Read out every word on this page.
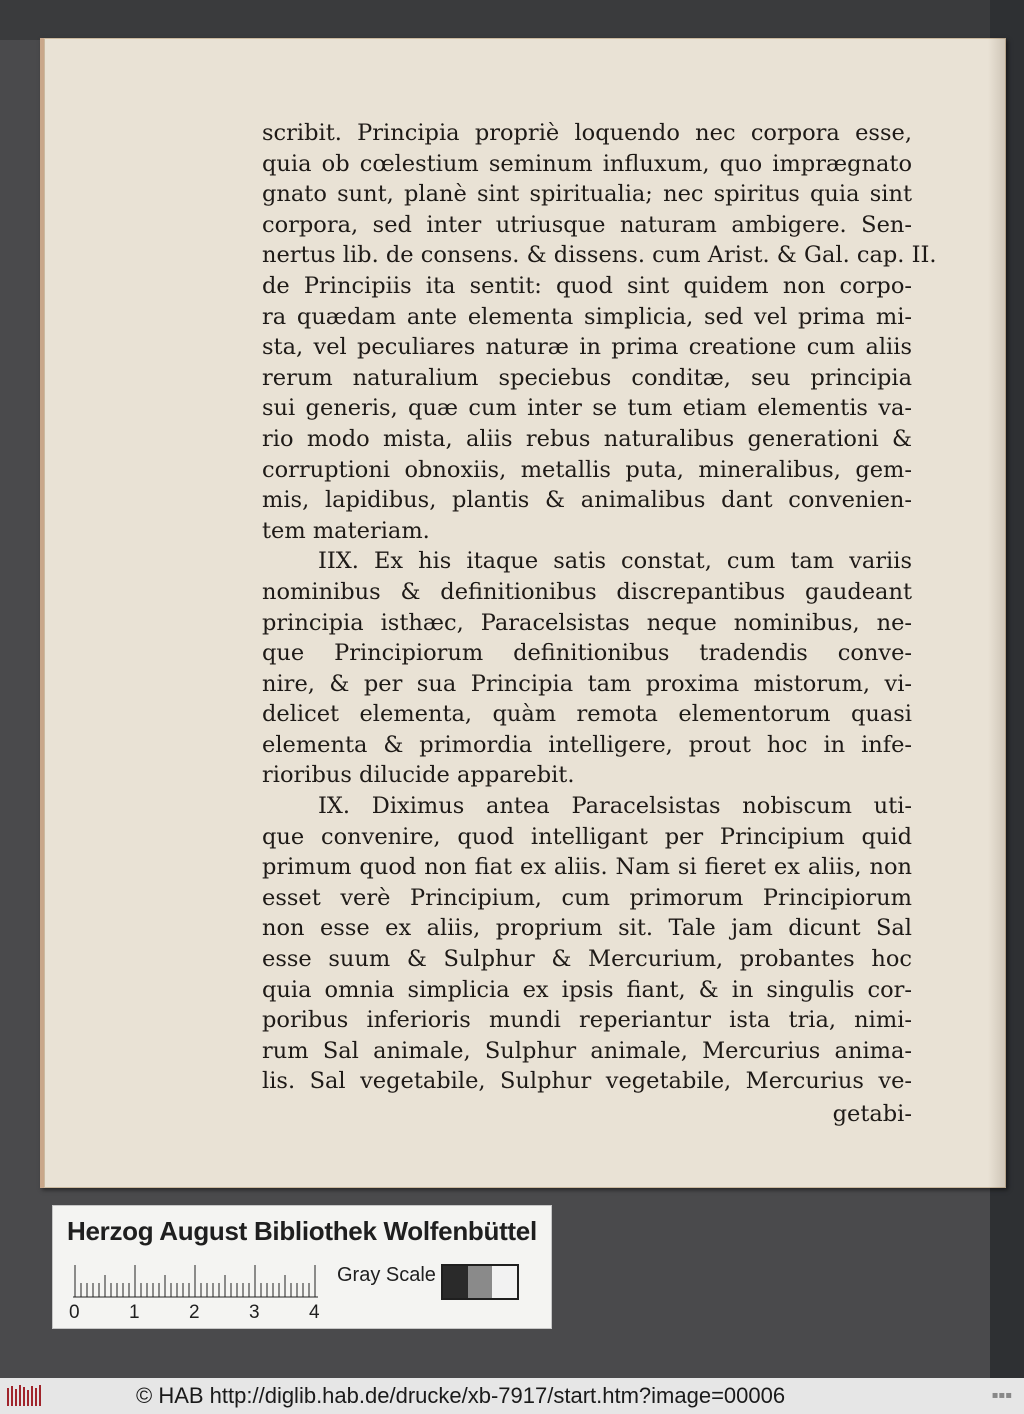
scribit. Principia propriè loquendo nec corpora esse,
quia ob cœlestium seminum influxum, quo imprægnato
gnato sunt, planè sint spiritualia; nec spiritus quia sint
corpora, sed inter utriusque naturam ambigere. Sen-
nertus lib. de consens. & dissens. cum Arist. & Gal. cap. II.
de Principiis ita sentit: quod sint quidem non corpo-
ra quædam ante elementa simplicia, sed vel prima mi-
sta, vel peculiares naturæ in prima creatione cum aliis
rerum naturalium speciebus conditæ, seu principia
sui generis, quæ cum inter se tum etiam elementis va-
rio modo mista, aliis rebus naturalibus generationi &
corruptioni obnoxiis, metallis puta, mineralibus, gem-
mis, lapidibus, plantis & animalibus dant convenien-
tem materiam.
IIX. Ex his itaque satis constat, cum tam variis
nominibus & definitionibus discrepantibus gaudeant
principia isthæc, Paracelsistas neque nominibus, ne-
que Principiorum definitionibus tradendis conve-
nire, & per sua Principia tam proxima mistorum, vi-
delicet elementa, quàm remota elementorum quasi
elementa & primordia intelligere, prout hoc in infe-
rioribus dilucide apparebit.
IX. Diximus antea Paracelsistas nobiscum uti-
que convenire, quod intelligant per Principium quid
primum quod non fiat ex aliis. Nam si fieret ex aliis, non
esset verè Principium, cum primorum Principiorum
non esse ex aliis, proprium sit. Tale jam dicunt Sal
esse suum & Sulphur & Mercurium, probantes hoc
quia omnia simplicia ex ipsis fiant, & in singulis cor-
poribus inferioris mundi reperiantur ista tria, nimi-
rum Sal animale, Sulphur animale, Mercurius anima-
lis. Sal vegetabile, Sulphur vegetabile, Mercurius ve-
getabi-
Herzog August Bibliothek Wolfenbüttel
0	1	2	3	4
Gray Scale
© HAB http://diglib.hab.de/drucke/xb-7917/start.htm?image=00006	▪▪▪
